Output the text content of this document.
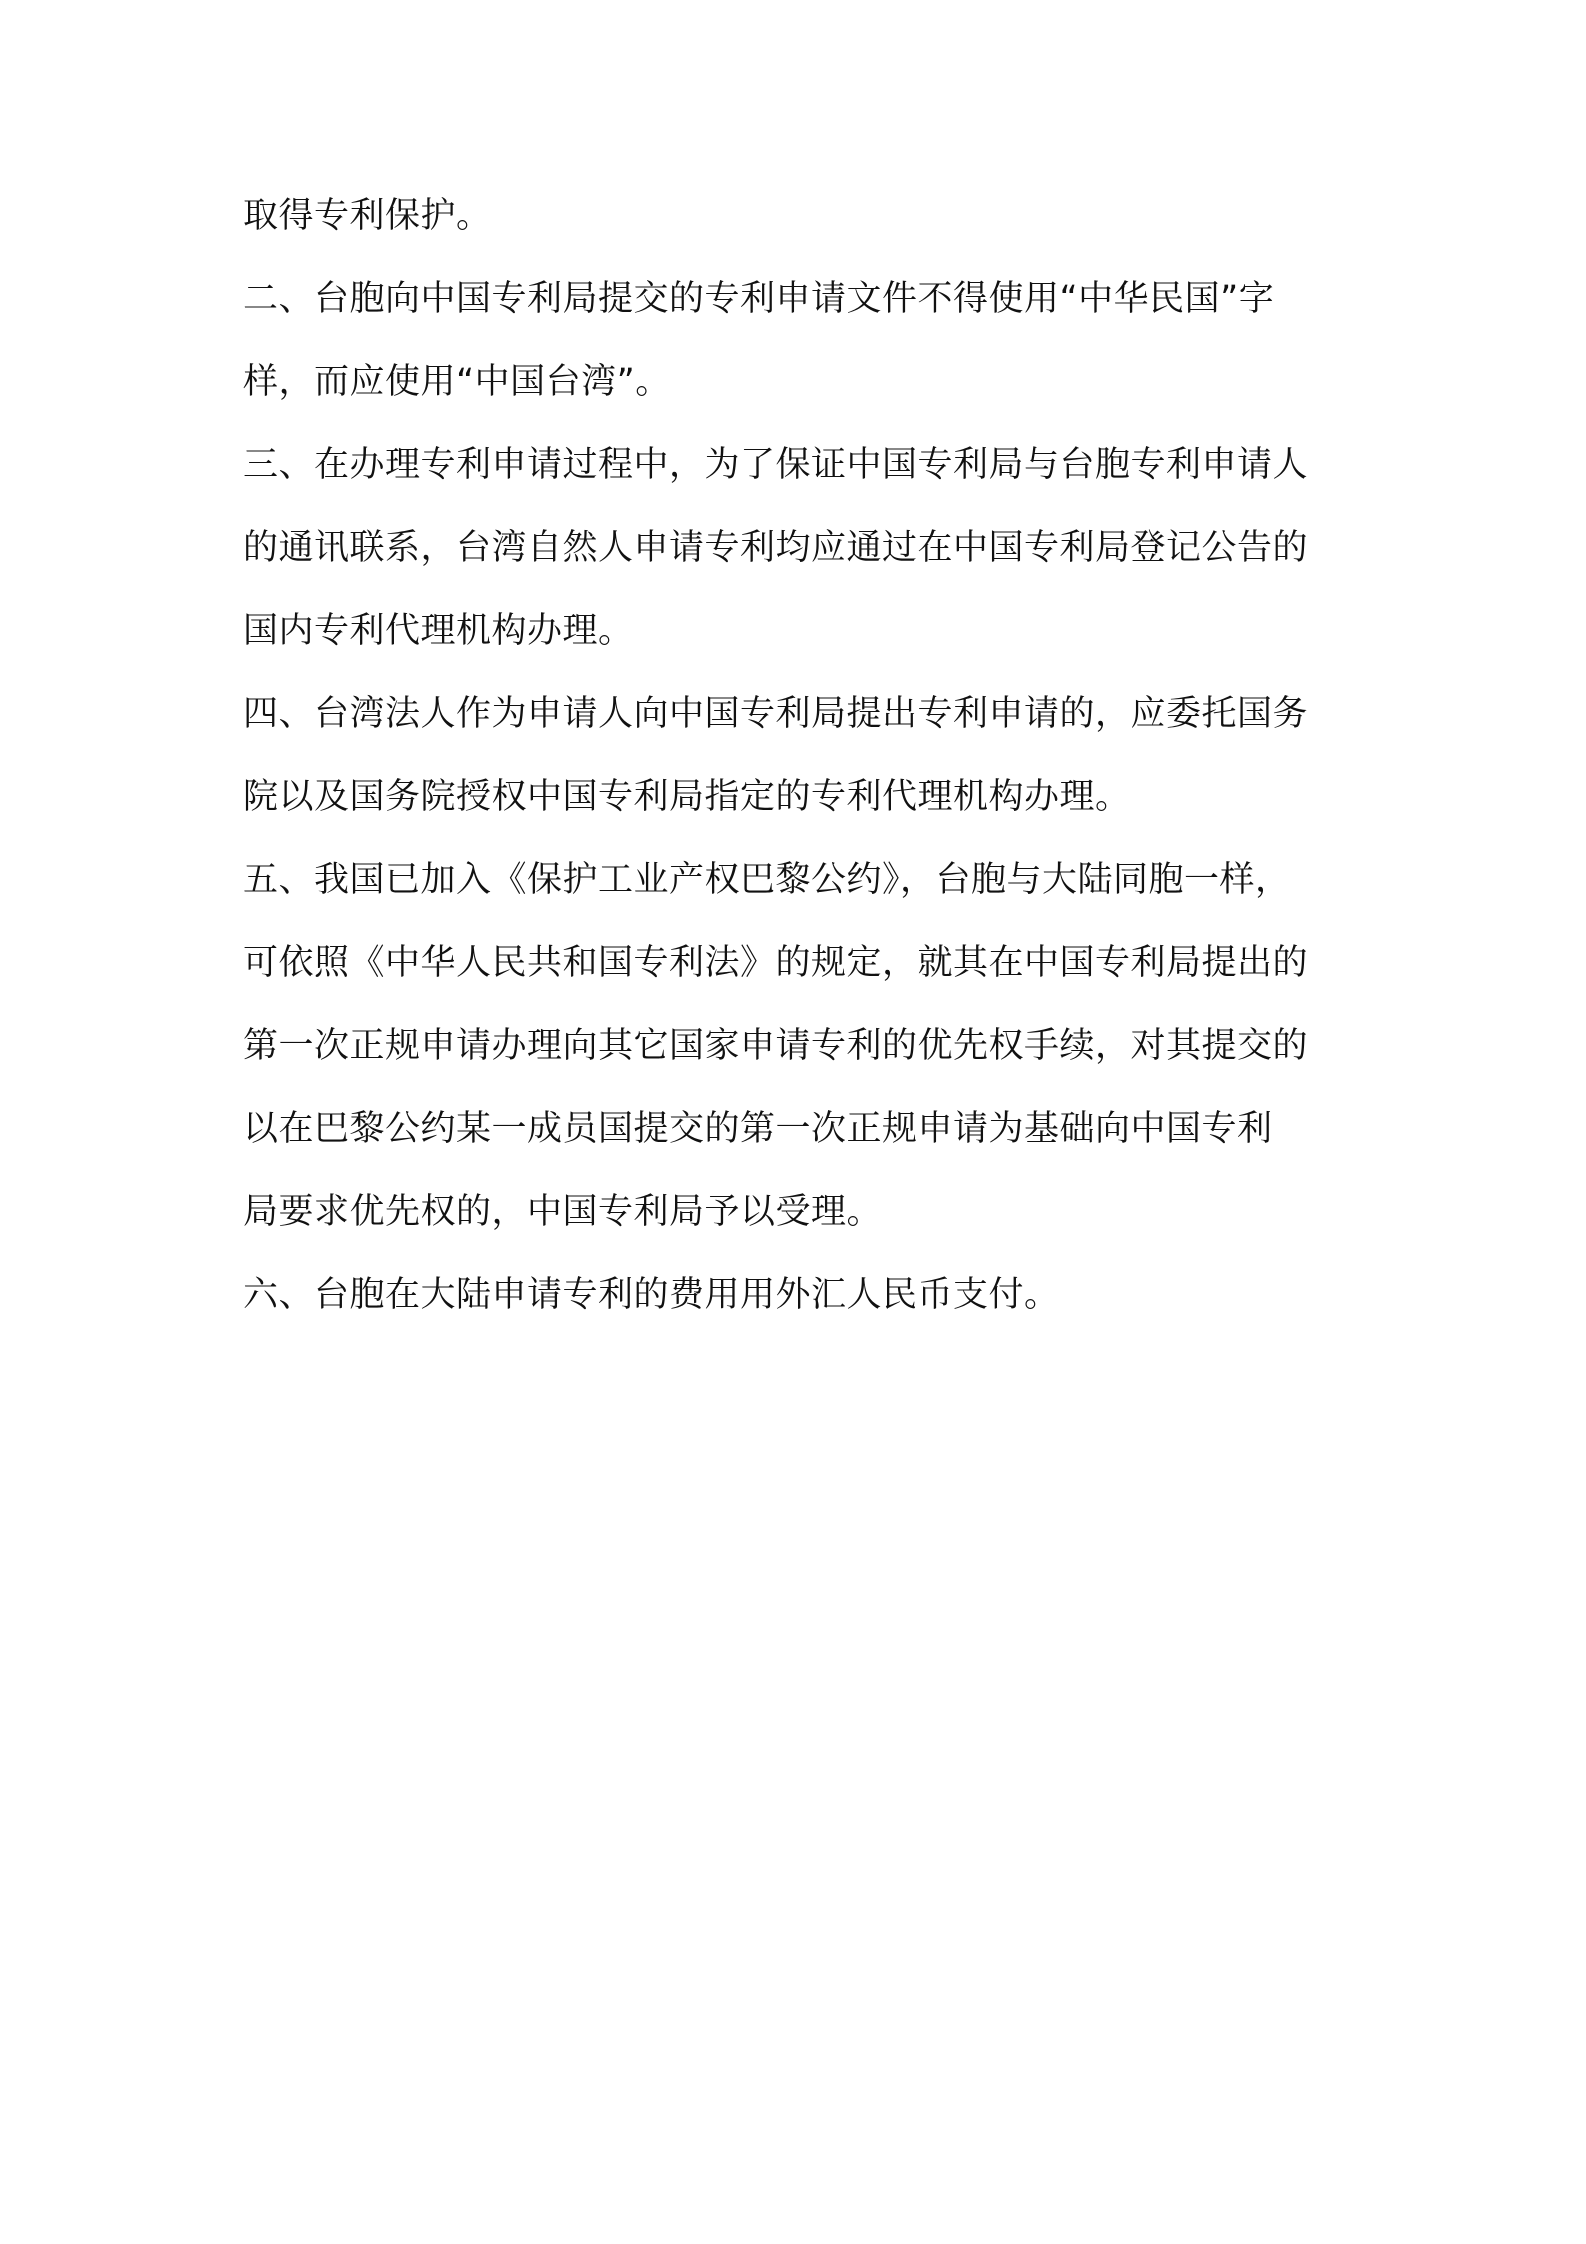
取得专利保护。

二、台胞向中国专利局提交的专利申请文件不得使用“中华民国”字

样，而应使用“中国台湾”。

三、在办理专利申请过程中，为了保证中国专利局与台胞专利申请人

的通讯联系，台湾自然人申请专利均应通过在中国专利局登记公告的

国内专利代理机构办理。

四、台湾法人作为申请人向中国专利局提出专利申请的，应委托国务

院以及国务院授权中国专利局指定的专利代理机构办理。

五、我国已加入《保护工业产权巴黎公约》，台胞与大陆同胞一样，

可依照《中华人民共和国专利法》的规定，就其在中国专利局提出的

第一次正规申请办理向其它国家申请专利的优先权手续，对其提交的

以在巴黎公约某一成员国提交的第一次正规申请为基础向中国专利

局要求优先权的，中国专利局予以受理。

六、台胞在大陆申请专利的费用用外汇人民币支付。
